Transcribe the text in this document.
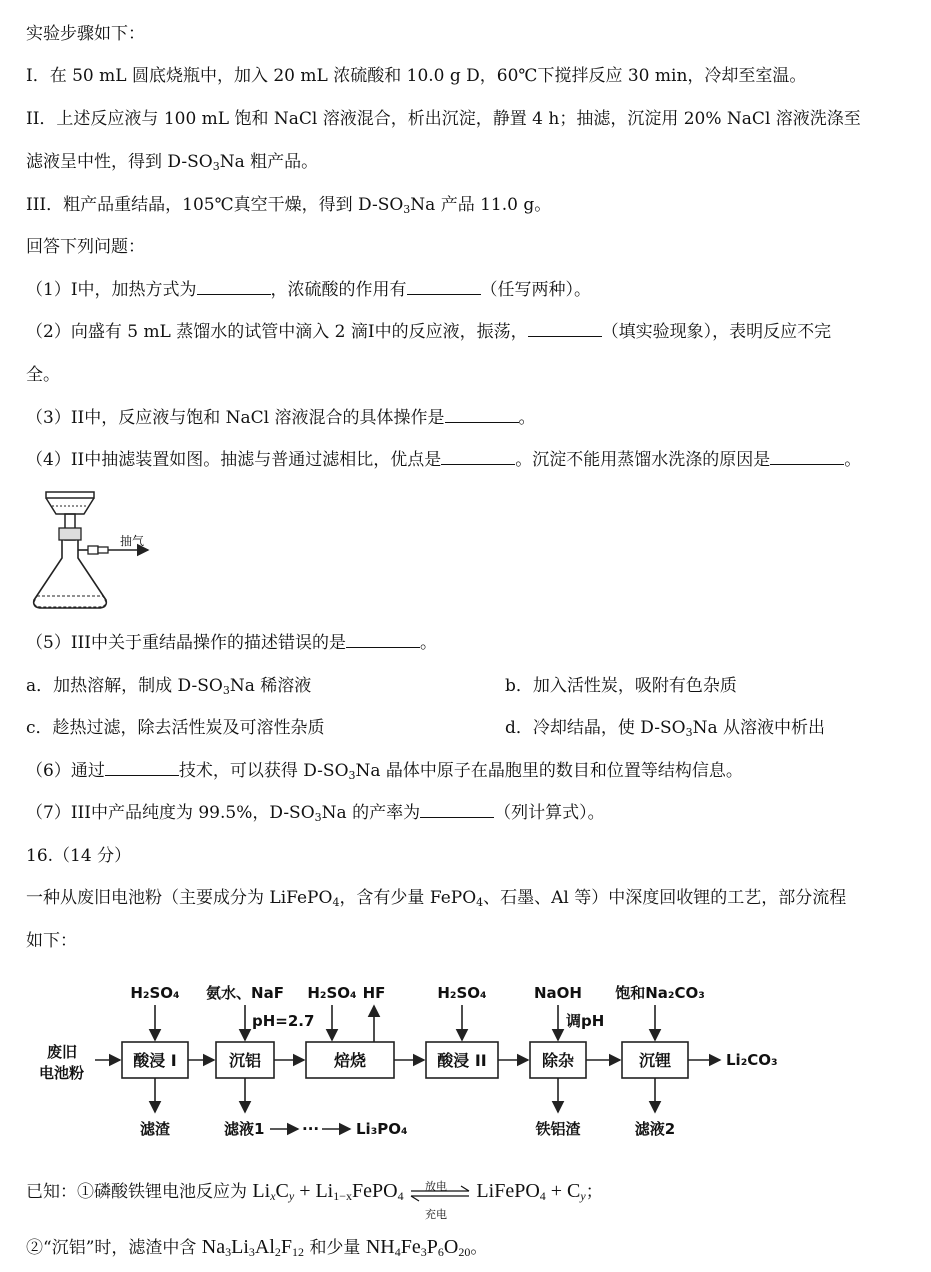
实验步骤如下：
I．在 50 mL 圆底烧瓶中，加入 20 mL 浓硫酸和 10.0 g D，60℃下搅拌反应 30 min，冷却至室温。
II．上述反应液与 100 mL 饱和 NaCl 溶液混合，析出沉淀，静置 4 h；抽滤，沉淀用 20% NaCl 溶液洗涤至
滤液呈中性，得到 $D-SO_3Na$ 粗产品。
III．粗产品重结晶，105℃真空干燥，得到 $D-SO_3Na$ 产品 11.0 g。
回答下列问题：
（1）I中，加热方式为	，浓硫酸的作用有	（任写两种）。
（2）向盛有 5 mL 蒸馏水的试管中滴入 2 滴I中的反应液，振荡，	（填实验现象），表明反应不完
全。
（3）II中，反应液与饱和 NaCl 溶液混合的具体操作是	。
（4）II中抽滤装置如图。抽滤与普通过滤相比，优点是	。沉淀不能用蒸馏水洗涤的原因是	。
抽气
（5）III中关于重结晶操作的描述错误的是	。
a．加热溶解，制成 $D-SO_3Na$ 稀溶液	b．加入活性炭，吸附有色杂质
c．趁热过滤，除去活性炭及可溶性杂质	d．冷却结晶，使 $D-SO_3Na$ 从溶液中析出
（6）通过	技术，可以获得 $D-SO_3Na$ 晶体中原子在晶胞里的数目和位置等结构信息。
（7）III中产品纯度为 99.5%，$D-SO_3Na$ 的产率为	（列计算式）。
16.（14 分）
一种从废旧电池粉（主要成分为 LiFePO$_4$，含有少量 FePO$_4$、石墨、Al 等）中深度回收锂的工艺，部分流程
如下：
废旧
电池粉
酸浸 I	沉铝	焙烧	酸浸 II	除杂	沉锂	Li₂CO₃
H₂SO₄ 氨水、NaF
pH=2.7
H₂SO₄ HF	H₂SO₄	NaOH
调pH
饱和Na₂CO₃
滤渣	滤液1	··· Li₃PO₄	铁铝渣	滤液2
已知：①磷酸铁锂电池反应为 $Li_xC_y$ + $Li_{1-x}FePO_4$
放电
充电
LiFePO$_4$ + $C_y$；
②“沉铝”时，滤渣中含 $Na_3Li_3Al_2F_{12}$ 和少量 $NH_4Fe_3P_6O_{20}$。
